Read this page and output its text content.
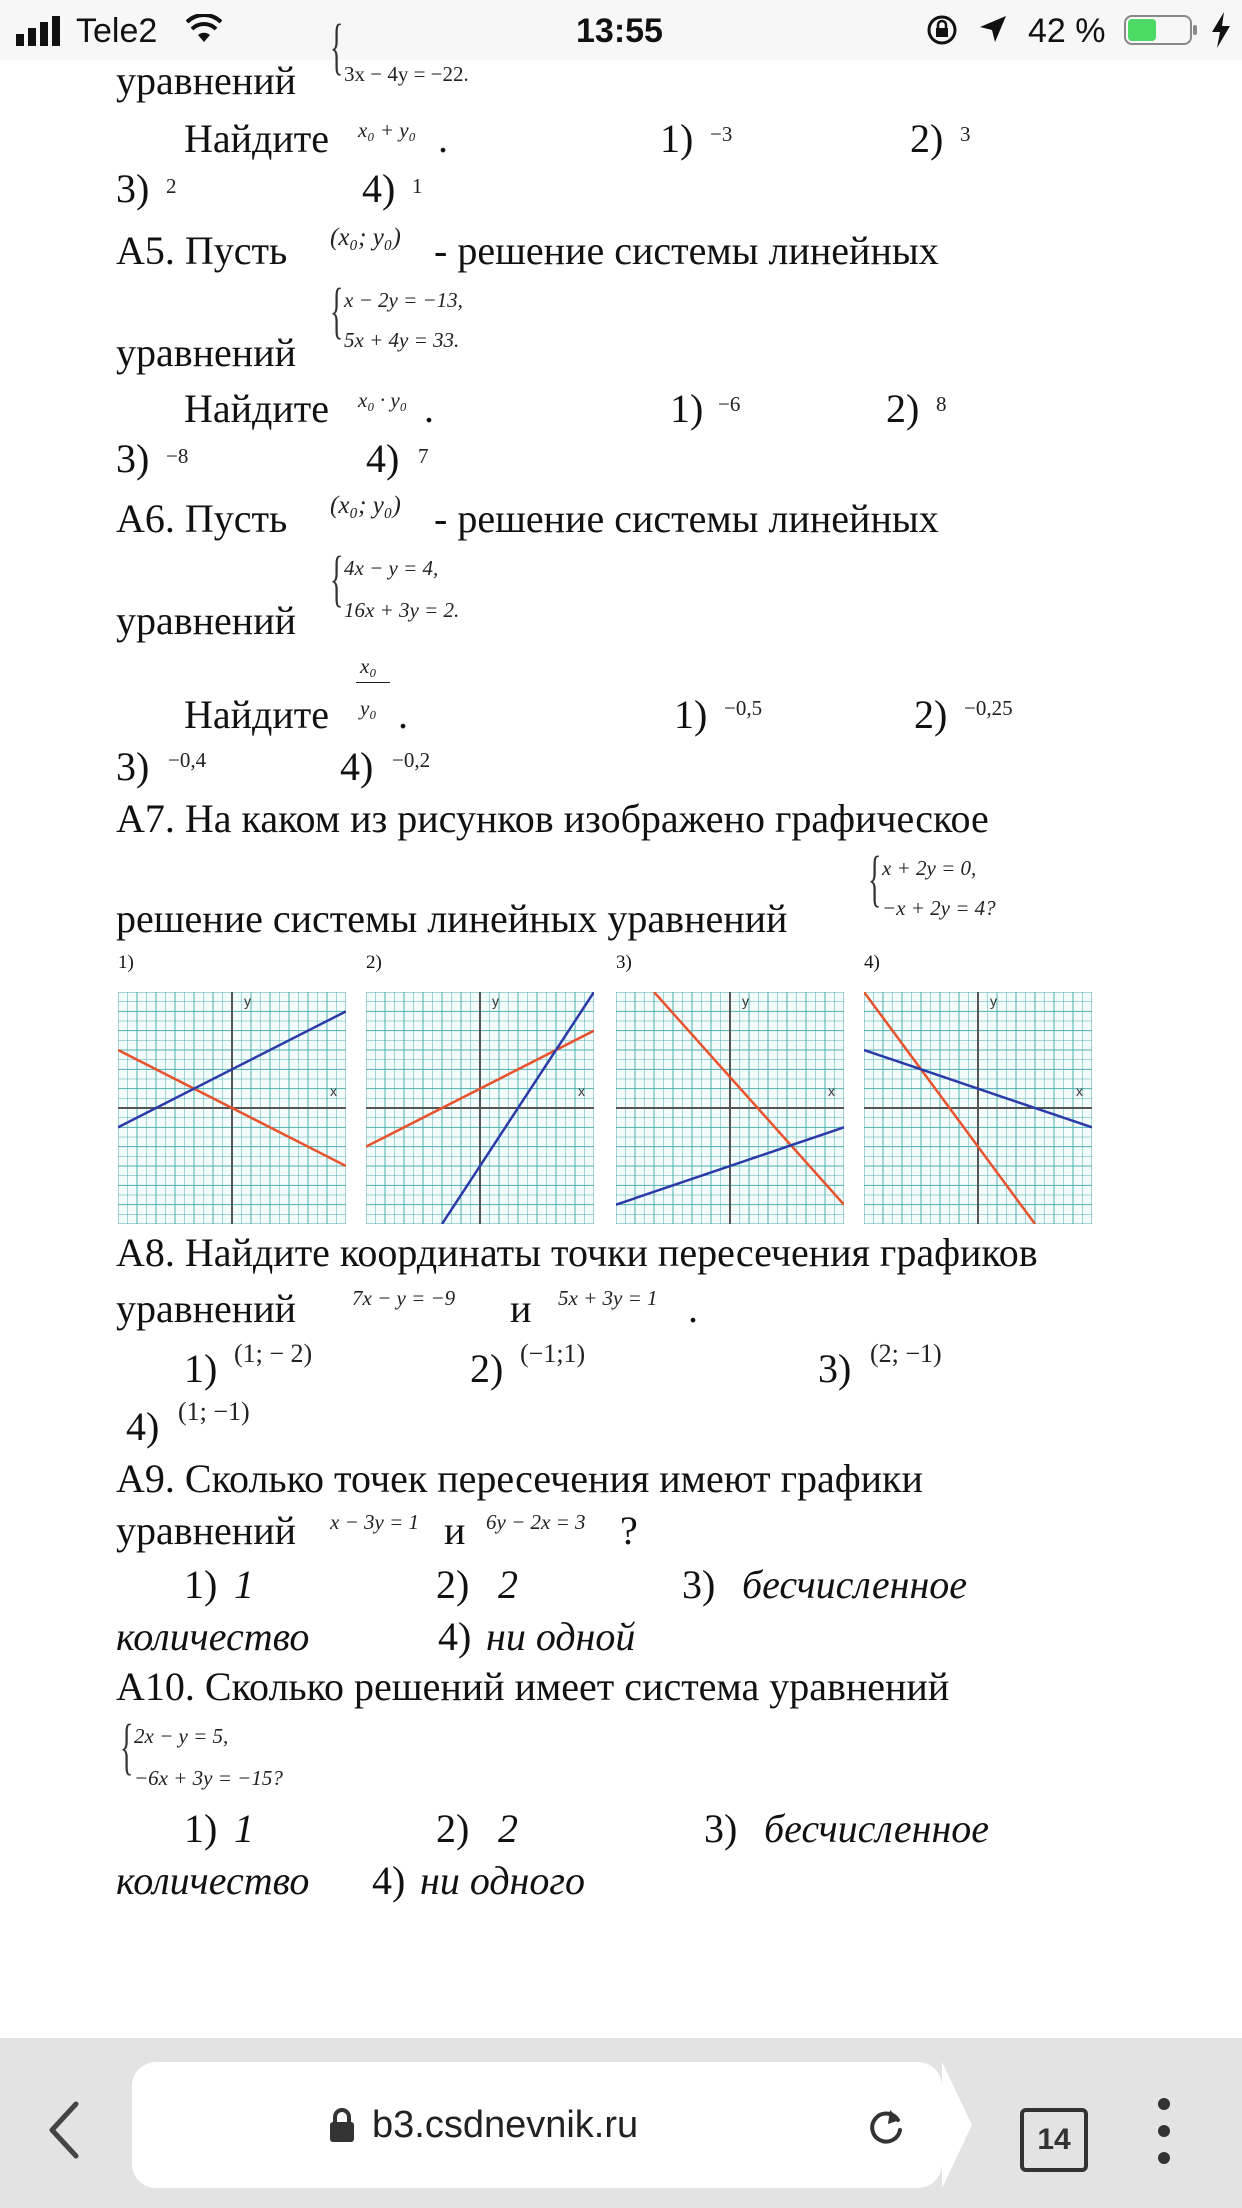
Tele2	13:55	42 %
уравнений { 3x − 4y = −22.
Найдите x₀ + y₀ .	1) −3	2) 3
3) 2	4) 1
А5. Пусть (x₀; y₀) - решение системы линейных
{ x − 2y = −13,
5x + 4y = 33.
уравнений
Найдите x₀ · y₀ .	1) −6	2) 8
3) −8	4) 7
А6. Пусть (x₀; y₀) - решение системы линейных
{ 4x − y = 4,
16x + 3y = 2.
уравнений
x₀
y₀
Найдите .	1) −0,5	2) −0,25
3) −0,4	4) −0,2
А7. На каком из рисунков изображено графическое
{ x + 2y = 0,
−x + 2y = 4?
решение системы линейных уравнений
1)	2)	3)	4)
x
y
x
y
x
y
x
y
А8. Найдите координаты точки пересечения графиков
уравнений	7x − y = −9 и 5x + 3y = 1 .
1) (1; − 2)	2) (−1;1)	3) (2; −1)
4) (1; −1)
А9. Сколько точек пересечения имеют графики
уравнений x − 3y = 1 и 6y − 2x = 3 ?
1) 1	2) 2	3) бесчисленное
количество	4) ни одной
А10. Сколько решений имеет система уравнений
{ 2x − y = 5,
−6x + 3y = −15?
1) 1	2) 2	3) бесчисленное
количество 4) ни одного
b3.csdnevnik.ru	14
